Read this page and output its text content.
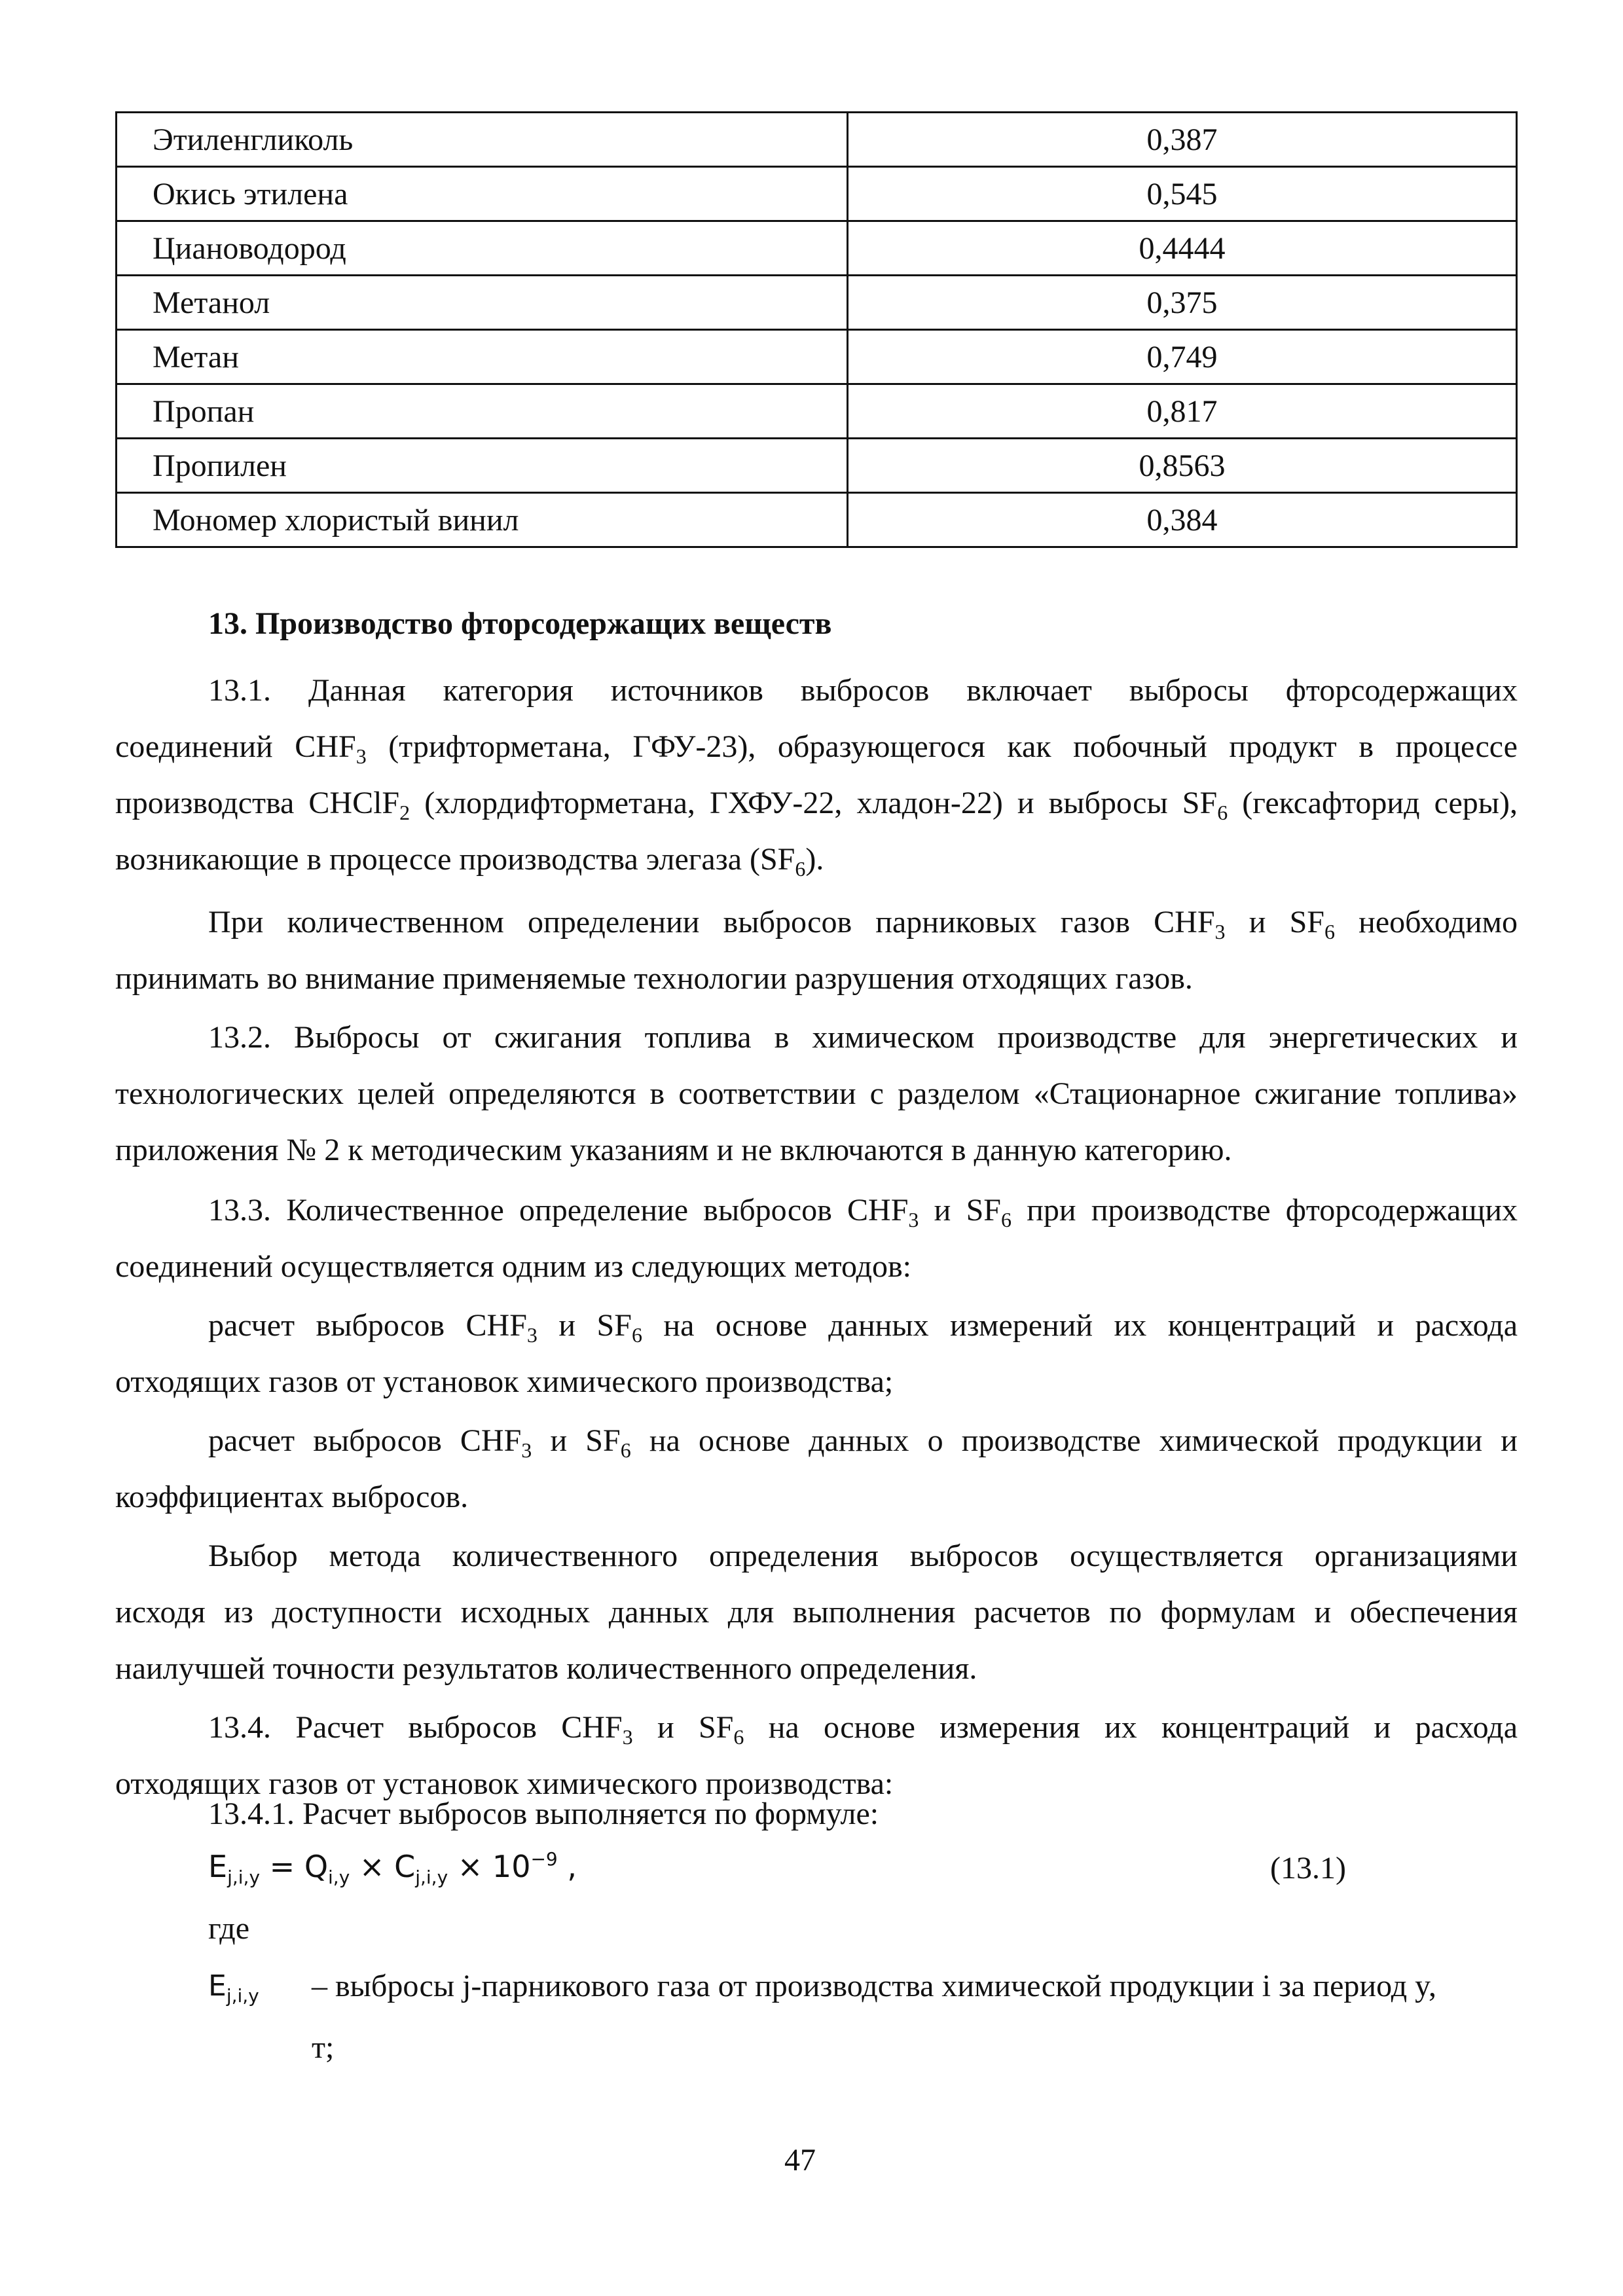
Этиленгликоль	0,387
Окись этилена	0,545
Циановодород	0,4444
Метанол	0,375
Метан	0,749
Пропан	0,817
Пропилен	0,8563
Мономер хлористый винил	0,384
13. Производство фторсодержащих веществ
13.1. Данная категория источников выбросов включает выбросы фторсодержащих
соединений $CHF_3$ (трифторметана, ГФУ-23), образующегося как побочный продукт в процессе
производства CHClF$_2$ (хлордифторметана, ГХФУ-22, хладон-22) и выбросы $SF_6$ (гексафторид серы),
возникающие в процессе производства элегаза $(SF_6)$.
При количественном определении выбросов парниковых газов $CHF_3$ и $SF_6$ необходимо
принимать во внимание применяемые технологии разрушения отходящих газов.
13.2. Выбросы от сжигания топлива в химическом производстве для энергетических и
технологических целей определяются в соответствии с разделом «Стационарное сжигание топлива»
приложения № 2 к методическим указаниям и не включаются в данную категорию.
13.3. Количественное определение выбросов $CHF_3$ и $SF_6$ при производстве фторсодержащих
соединений осуществляется одним из следующих методов:
расчет выбросов $CHF_3$ и $SF_6$ на основе данных измерений их концентраций и расхода
отходящих газов от установок химического производства;
расчет выбросов $CHF_3$ и $SF_6$ на основе данных о производстве химической продукции и
коэффициентах выбросов.
Выбор метода количественного определения выбросов осуществляется организациями
исходя из доступности исходных данных для выполнения расчетов по формулам и обеспечения
наилучшей точности результатов количественного определения.
13.4. Расчет выбросов $CHF_3$ и $SF_6$ на основе измерения их концентраций и расхода
отходящих газов от установок химического производства:
13.4.1. Расчет выбросов выполняется по формуле:
$E_{j,i,y} = Q_{i,y} \times C_{j,i,y} \times 10^{-9}$ ,	(13.1)
где
$E_{j,i,y}$ – выбросы j-парникового газа от производства химической продукции i за период y,
т;
47
